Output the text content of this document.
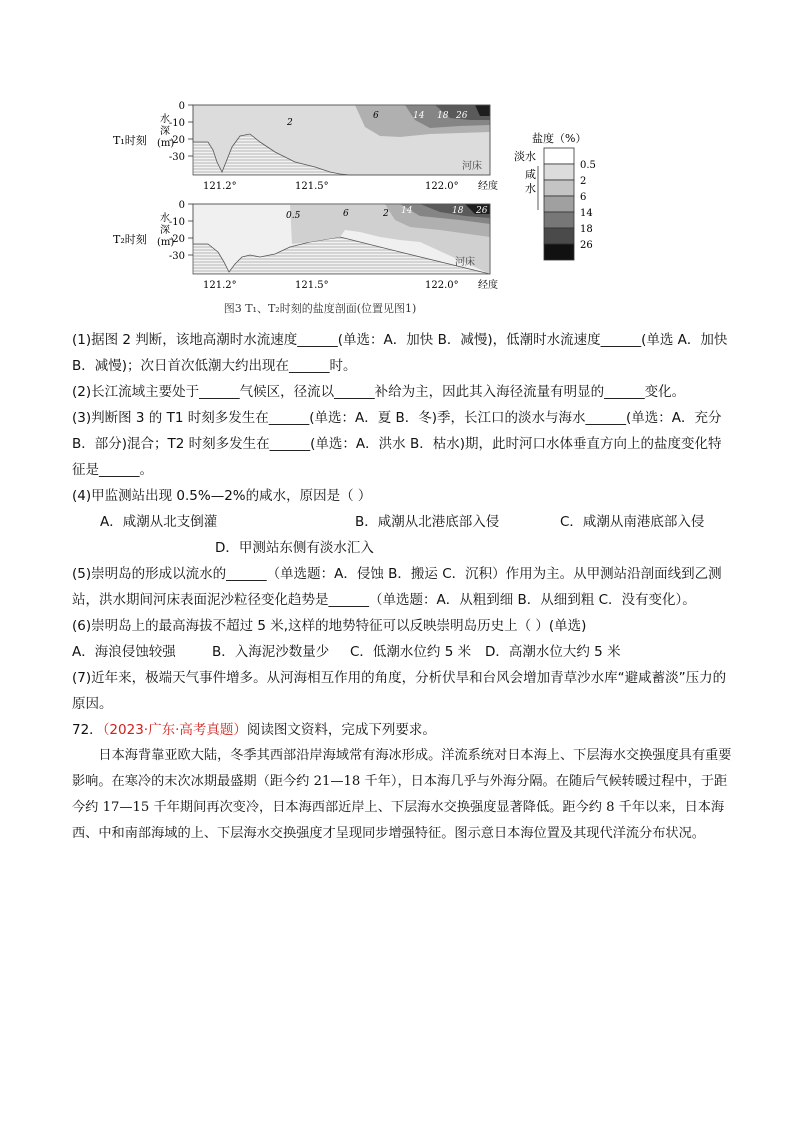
0
-10
-20
-30
T₁时刻
水深(m)
121.2°	121.5°	122.0° 经度
河床
2
6	14 18 26
0
-10
-20
-30
T₂时刻
水深(m)
121.2°	121.5°	122.0° 经度
河床
0.5	6	2 14	18 26
盐度（%）
淡水
咸水
0.5
2
6
14
18
26
图3 T₁、T₂时刻的盐度剖面(位置见图1)

(1)据图 2 判断，该地高潮时水流速度______(单选：A．加快 B．减慢)，低潮时水流速度______(单选 A．加快 B．减慢)；次日首次低潮大约出现在______时。

(2)长江流域主要处于______气候区，径流以______补给为主，因此其入海径流量有明显的______变化。

(3)判断图 3 的 T1 时刻多发生在______(单选：A．夏 B．冬)季，长江口的淡水与海水______(单选：A．充分 B．部分)混合；T2 时刻多发生在______(单选：A．洪水 B．枯水)期，此时河口水体垂直方向上的盐度变化特征是______。

(4)甲监测站出现 0.5%—2%的咸水，原因是（ ）

A．咸潮从北支倒灌	B．咸潮从北港底部入侵	C．咸潮从南港底部入侵
D．甲测站东侧有淡水汇入

(5)崇明岛的形成以流水的______（单选题：A．侵蚀 B．搬运 C．沉积）作用为主。从甲测站沿剖面线到乙测站，洪水期间河床表面泥沙粒径变化趋势是______（单选题：A．从粗到细 B．从细到粗 C．没有变化）。

(6)崇明岛上的最高海拔不超过 5 米,这样的地势特征可以反映崇明岛历史上（ ）(单选)

A．海浪侵蚀较强	B．入海泥沙数量少 C．低潮水位约 5 米 D．高潮水位大约 5 米

(7)近年来，极端天气事件增多。从河海相互作用的角度，分析伏旱和台风会增加青草沙水库“避咸蓄淡”压力的原因。

72．（2023·广东·高考真题）阅读图文资料，完成下列要求。

日本海背靠亚欧大陆，冬季其西部沿岸海域常有海冰形成。洋流系统对日本海上、下层海水交换强度具有重要影响。在寒冷的末次冰期最盛期（距今约 21—18 千年），日本海几乎与外海分隔。在随后气候转暖过程中，于距今约 17—15 千年期间再次变冷，日本海西部近岸上、下层海水交换强度显著降低。距今约 8 千年以来，日本海西、中和南部海域的上、下层海水交换强度才呈现同步增强特征。图示意日本海位置及其现代洋流分布状况。
